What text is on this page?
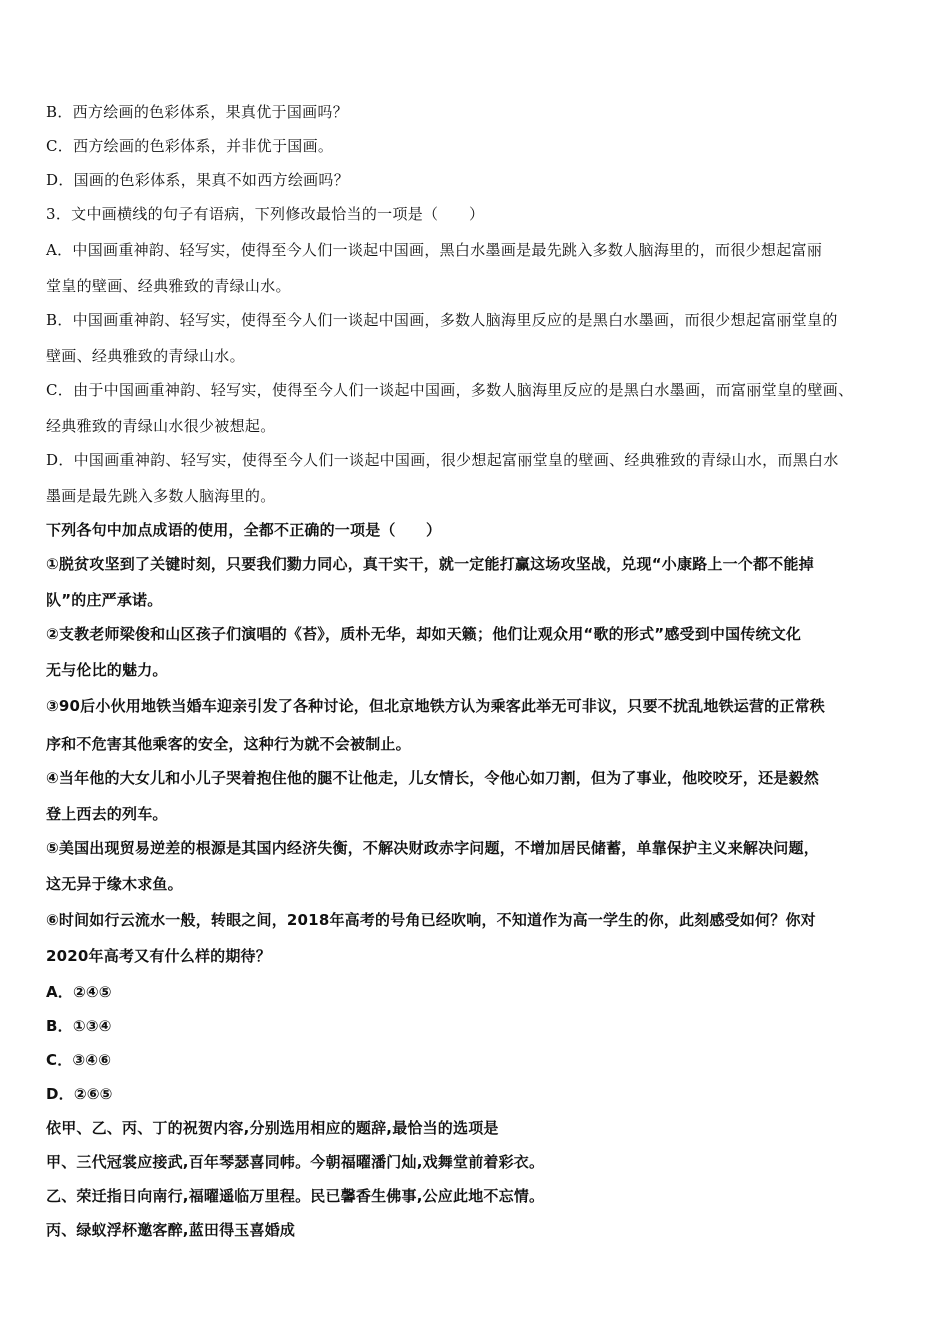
B．西方绘画的色彩体系，果真优于国画吗？
C．西方绘画的色彩体系，并非优于国画。
D．国画的色彩体系，果真不如西方绘画吗？
3．文中画横线的句子有语病，下列修改最恰当的一项是（　　）
A．中国画重神韵、轻写实，使得至今人们一谈起中国画，黑白水墨画是最先跳入多数人脑海里的，而很少想起富丽
堂皇的壁画、经典雅致的青绿山水。
B．中国画重神韵、轻写实，使得至今人们一谈起中国画，多数人脑海里反应的是黑白水墨画，而很少想起富丽堂皇的
壁画、经典雅致的青绿山水。
C．由于中国画重神韵、轻写实，使得至今人们一谈起中国画，多数人脑海里反应的是黑白水墨画，而富丽堂皇的壁画、
经典雅致的青绿山水很少被想起。
D．中国画重神韵、轻写实，使得至今人们一谈起中国画，很少想起富丽堂皇的壁画、经典雅致的青绿山水，而黑白水
墨画是最先跳入多数人脑海里的。
下列各句中加点成语的使用，全都不正确的一项是（　　）
①脱贫攻坚到了关键时刻，只要我们勠力同心，真干实干，就一定能打赢这场攻坚战，兑现“小康路上一个都不能掉
队”的庄严承诺。
②支教老师梁俊和山区孩子们演唱的《苔》，质朴无华，却如天籁；他们让观众用“歌的形式”感受到中国传统文化
无与伦比的魅力。
③90后小伙用地铁当婚车迎亲引发了各种讨论，但北京地铁方认为乘客此举无可非议，只要不扰乱地铁运营的正常秩
序和不危害其他乘客的安全，这种行为就不会被制止。
④当年他的大女儿和小儿子哭着抱住他的腿不让他走，儿女情长，令他心如刀割，但为了事业，他咬咬牙，还是毅然
登上西去的列车。
⑤美国出现贸易逆差的根源是其国内经济失衡，不解决财政赤字问题，不增加居民储蓄，单靠保护主义来解决问题，
这无异于缘木求鱼。
⑥时间如行云流水一般，转眼之间，2018年高考的号角已经吹响，不知道作为高一学生的你，此刻感受如何？你对
2020年高考又有什么样的期待？
A．②④⑤
B．①③④
C．③④⑥
D．②⑥⑤
依甲、乙、丙、丁的祝贺内容,分别选用相应的题辞,最恰当的选项是
甲、三代冠裳应接武,百年琴瑟喜同帏。今朝福曜潘门灿,戏舞堂前着彩衣。
乙、荣迁指日向南行,福曜遥临万里程。民已馨香生佛事,公应此地不忘情。
丙、绿蚁浮杯邀客醉,蓝田得玉喜婚成
